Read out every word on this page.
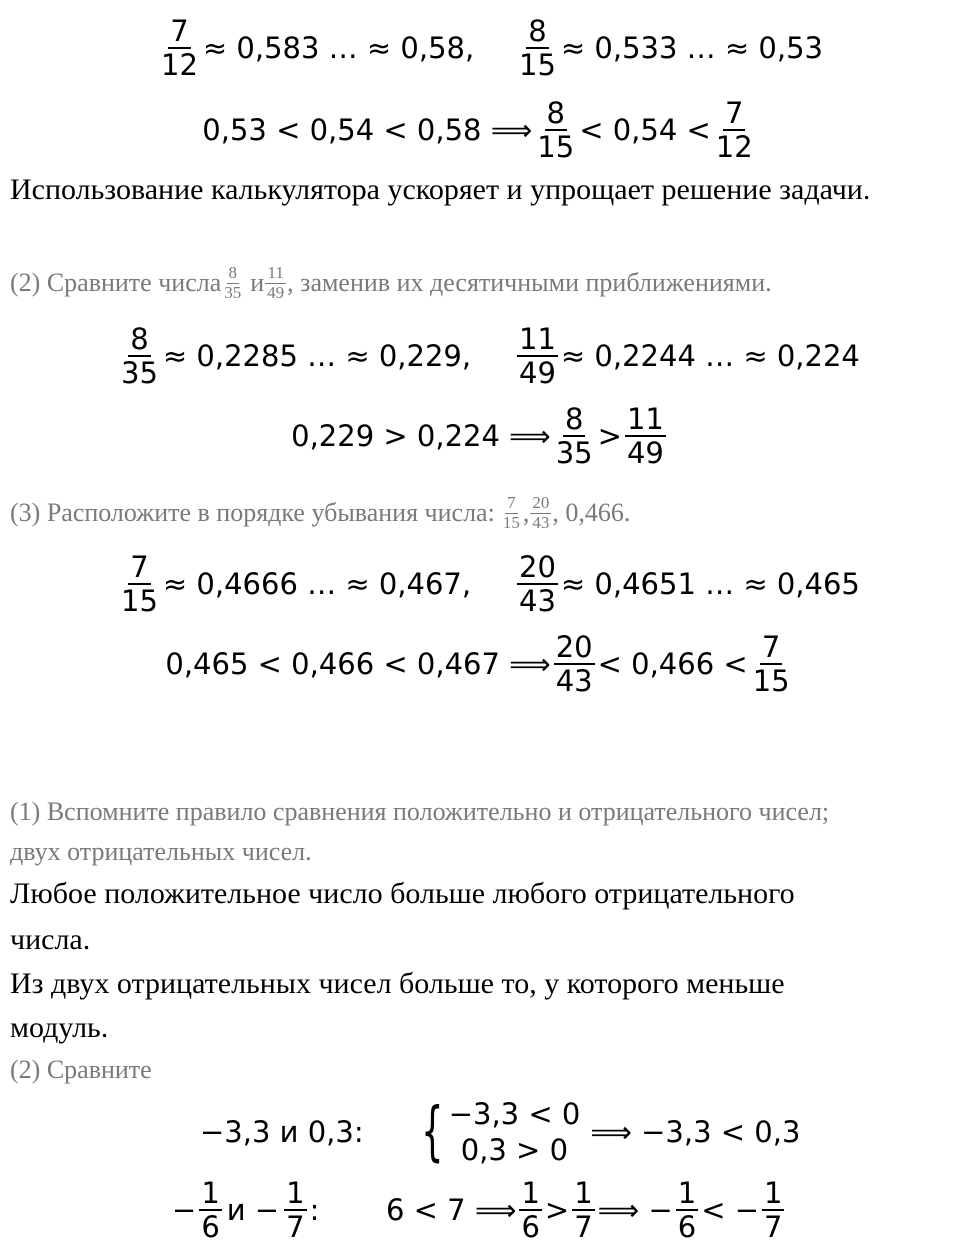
$\frac{7}{12} \approx 0,583$ … ≈ 0,58, $\frac{8}{15} \approx 0,533$ … ≈ 0,53
0,53 < 0,54 < 0,58 ⟹ $\frac{8}{15} < 0,54 < \frac{7}{12}$
Использование калькулятора ускоряет и упрощает решение задачи.
(2) Сравните числа $\frac{8}{35}$ и $\frac{11}{49}$ , заменив их десятичными приближениями.
$\frac{8}{35} \approx 0,2285$ … ≈ 0,229, $\frac{11}{49} \approx 0,2244$ … ≈ 0,224
0,229 > 0,224 ⟹ $\frac{8}{35} > \frac{11}{49}$
(3) Расположите в порядке убывания числа: $\frac{7}{15}$ , $\frac{20}{43}$ , 0,466.
$\frac{7}{15} \approx 0,4666$ … ≈ 0,467, $\frac{20}{43} \approx 0,4651$ … ≈ 0,465
0,465 < 0,466 < 0,467 ⟹ $\frac{20}{43} < 0,466 < \frac{7}{15}$
(1) Вспомните правило сравнения положительно и отрицательного чисел;
двух отрицательных чисел.
Любое положительное число больше любого отрицательного
числа.
Из двух отрицательных чисел больше то, у которого меньше
модуль.
(2) Сравните
−3,3 и 0,3: { −3,3 < 0
0,3 > 0
⟹ −3,3 < 0,3
− $\frac{1}{6}$ $и - \frac{1}{7}$ : 6 < 7 ⟹ $\frac{1}{6} > \frac{1}{7}$ ⟹ − $\frac{1}{6}$ < − $\frac{1}{7}$
